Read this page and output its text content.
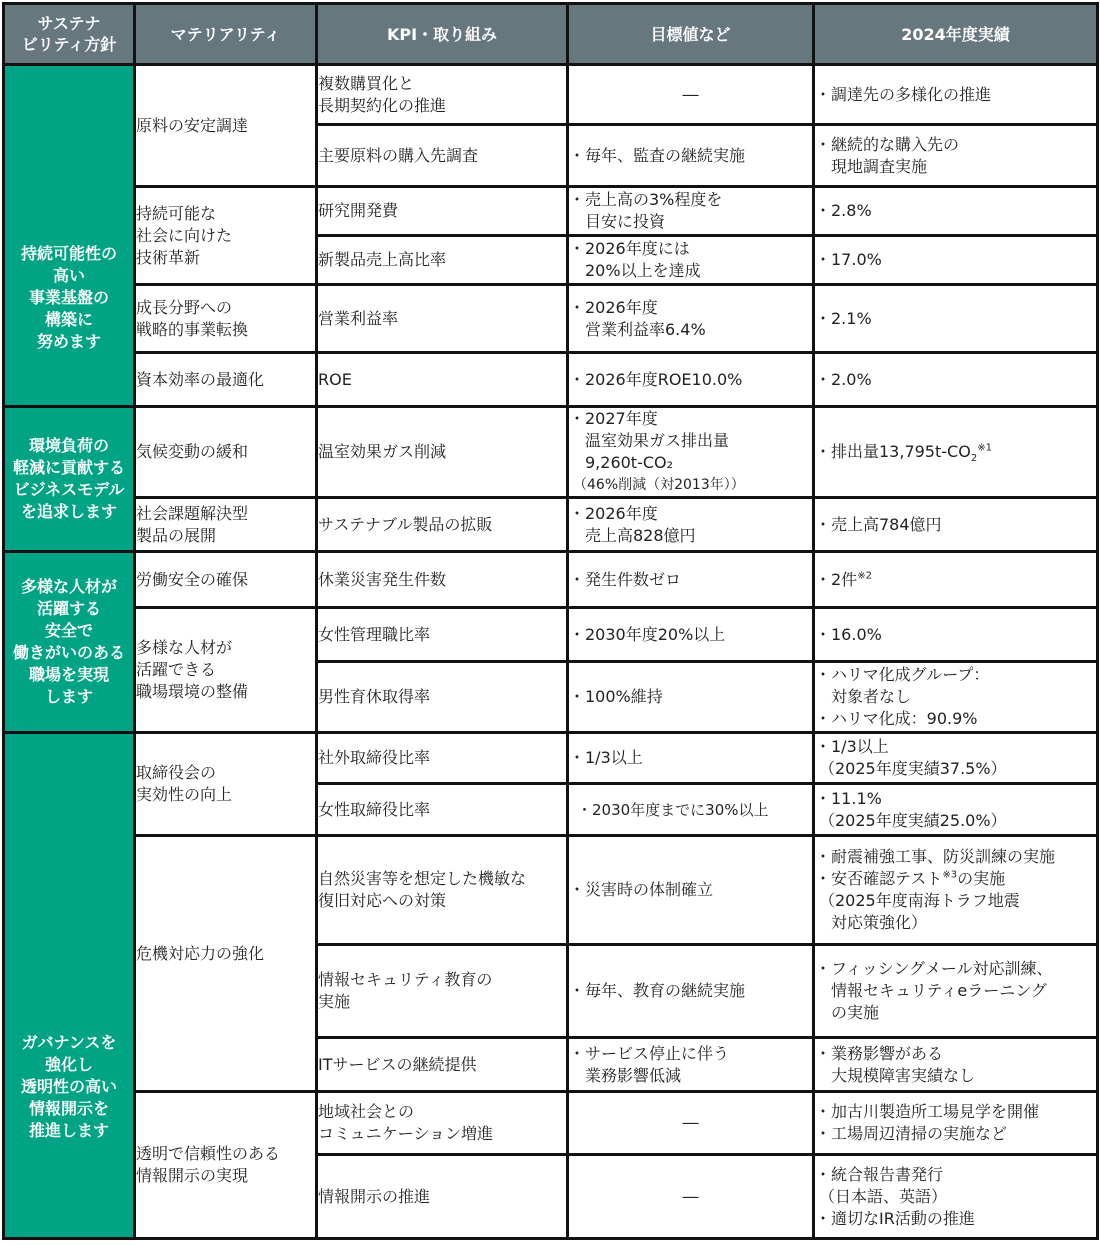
サステナ
ビリティ方針	マテリアリティ	KPI・取り組み	目標値など	2024年度実績

持続可能性の
高い
事業基盤の
構築に
努めます	原料の安定調達	複数購買化と
長期契約化の推進	―	・調達先の多様化の推進

		主要原料の購入先調査	・毎年、監査の継続実施	・継続的な購入先の
現地調査実施

	持続可能な
社会に向けた
技術革新	研究開発費	・売上高の3%程度を
目安に投資	・2.8%

		新製品売上高比率	・2026年度には
20%以上を達成	・17.0%

	成長分野への
戦略的事業転換	営業利益率	・2026年度
営業利益率6.4%	・2.1%

	資本効率の最適化	ROE	・2026年度ROE10.0%	・2.0%

環境負荷の
軽減に貢献する
ビジネスモデル
を追求します	気候変動の緩和	温室効果ガス削減	・2027年度
温室効果ガス排出量
9,260t-CO₂
（46%削減（対2013年））	・排出量$13,795t-CO_2^{※1}$

	社会課題解決型
製品の展開	サステナブル製品の拡販	・2026年度
売上高828億円	・売上高784億円

多様な人材が
活躍する
安全で
働きがいのある
職場を実現
します

労働安全の確保	休業災害発生件数	・発生件数ゼロ	・2件$^{※2}$

	多様な人材が
活躍できる
職場環境の整備	女性管理職比率	・2030年度20%以上	・16.0%

		男性育休取得率	・100%維持	・ハリマ化成グループ：
対象者なし
・ハリマ化成：90.9%

ガバナンスを
強化し
透明性の高い
情報開示を
推進します	取締役会の
実効性の向上	社外取締役比率	・1/3以上	・1/3以上
（2025年度実績37.5%）

		女性取締役比率	・2030年度までに30%以上	・11.1%
（2025年度実績25.0%）

	危機対応力の強化	自然災害等を想定した機敏な
復旧対応への対策	・災害時の体制確立	・耐震補強工事、防災訓練の実施
・安否確認テスト$^{※3}$の実施
（2025年度南海トラフ地震
対応策強化）

		情報セキュリティ教育の
実施	・毎年、教育の継続実施	・フィッシングメール対応訓練、
情報セキュリティeラーニング
の実施

		ITサービスの継続提供	・サービス停止に伴う
業務影響低減	・業務影響がある
大規模障害実績なし

	透明で信頼性のある
情報開示の実現	地域社会との
コミュニケーション増進	―	・加古川製造所工場見学を開催
・工場周辺清掃の実施など

		情報開示の推進	―	・統合報告書発行
（日本語、英語）
・適切なIR活動の推進
